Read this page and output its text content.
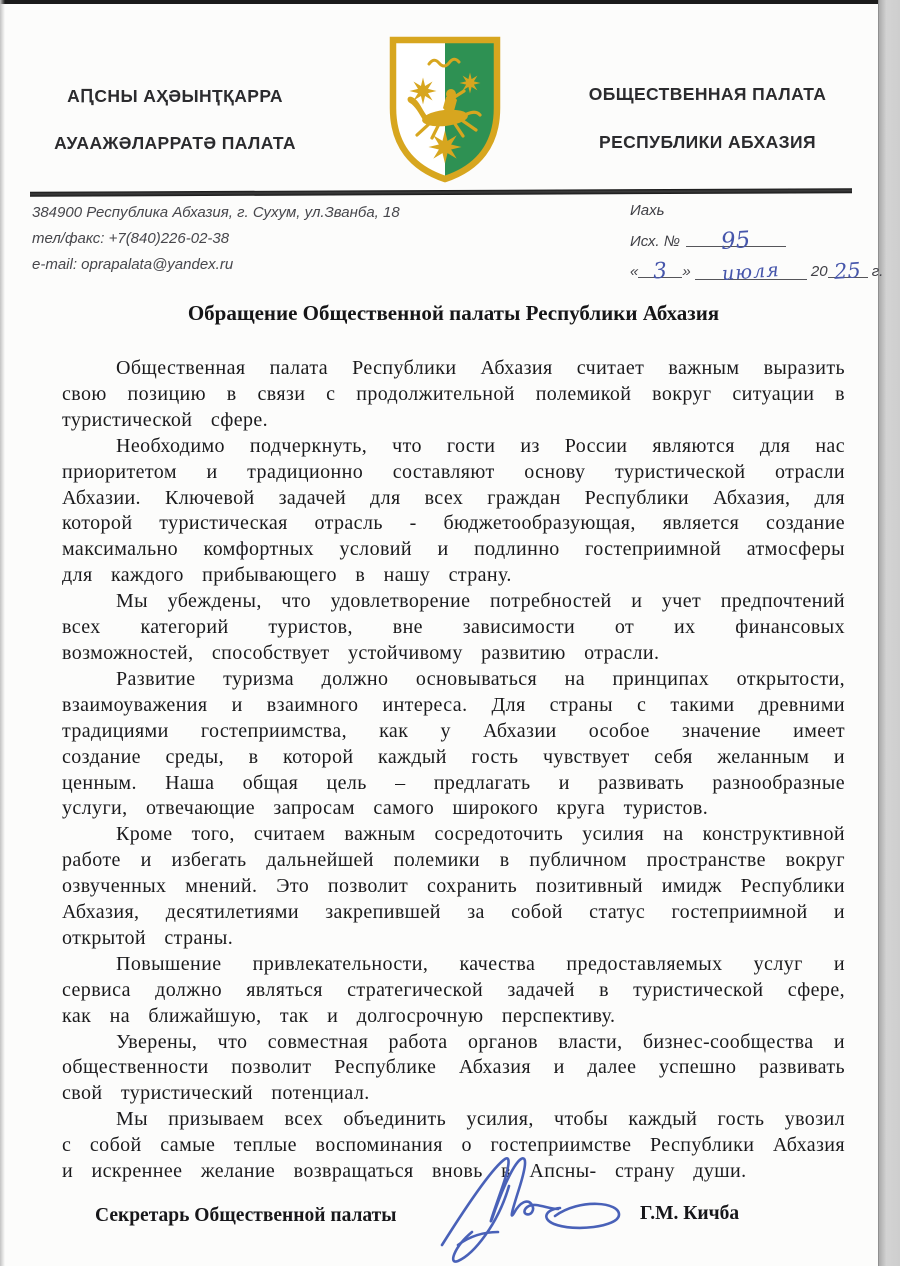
АԤСНЫ АҲӘЫНҬҚАРРА
АУААЖӘЛАРРАТӘ ПАЛАТА
ОБЩЕСТВЕННАЯ ПАЛАТА
РЕСПУБЛИКИ АБХАЗИЯ
384900 Республика Абхазия, г. Сухум, ул.Званба, 18
тел/факс: +7(840)226-02-38
e-mail: oprapalata@yandex.ru
Иахь
Исх. № 95
« 3 » июля 20 25 г.
Обращение Общественной палаты Республики Абхазия

Общественная палата Республики Абхазия считает важным выразить свою позицию в связи с продолжительной полемикой вокруг ситуации в туристической сфере.

Необходимо подчеркнуть, что гости из России являются для нас приоритетом и традиционно составляют основу туристической отрасли Абхазии. Ключевой задачей для всех граждан Республики Абхазия, для которой туристическая отрасль - бюджетообразующая, является создание максимально комфортных условий и подлинно гостеприимной атмосферы для каждого прибывающего в нашу страну.

Мы убеждены, что удовлетворение потребностей и учет предпочтений всех категорий туристов, вне зависимости от их финансовых возможностей, способствует устойчивому развитию отрасли.

Развитие туризма должно основываться на принципах открытости, взаимоуважения и взаимного интереса. Для страны с такими древними традициями гостеприимства, как у Абхазии особое значение имеет создание среды, в которой каждый гость чувствует себя желанным и ценным. Наша общая цель – предлагать и развивать разнообразные услуги, отвечающие запросам самого широкого круга туристов.

Кроме того, считаем важным сосредоточить усилия на конструктивной работе и избегать дальнейшей полемики в публичном пространстве вокруг озвученных мнений. Это позволит сохранить позитивный имидж Республики Абхазия, десятилетиями закрепившей за собой статус гостеприимной и открытой страны.

Повышение привлекательности, качества предоставляемых услуг и сервиса должно являться стратегической задачей в туристической сфере, как на ближайшую, так и долгосрочную перспективу.

Уверены, что совместная работа органов власти, бизнес-сообщества и общественности позволит Республике Абхазия и далее успешно развивать свой туристический потенциал.

Мы призываем всех объединить усилия, чтобы каждый гость увозил с собой самые теплые воспоминания о гостеприимстве Республики Абхазия и искреннее желание возвращаться вновь в Апсны- страну души.

Секретарь Общественной палаты	Г.М. Кичба
